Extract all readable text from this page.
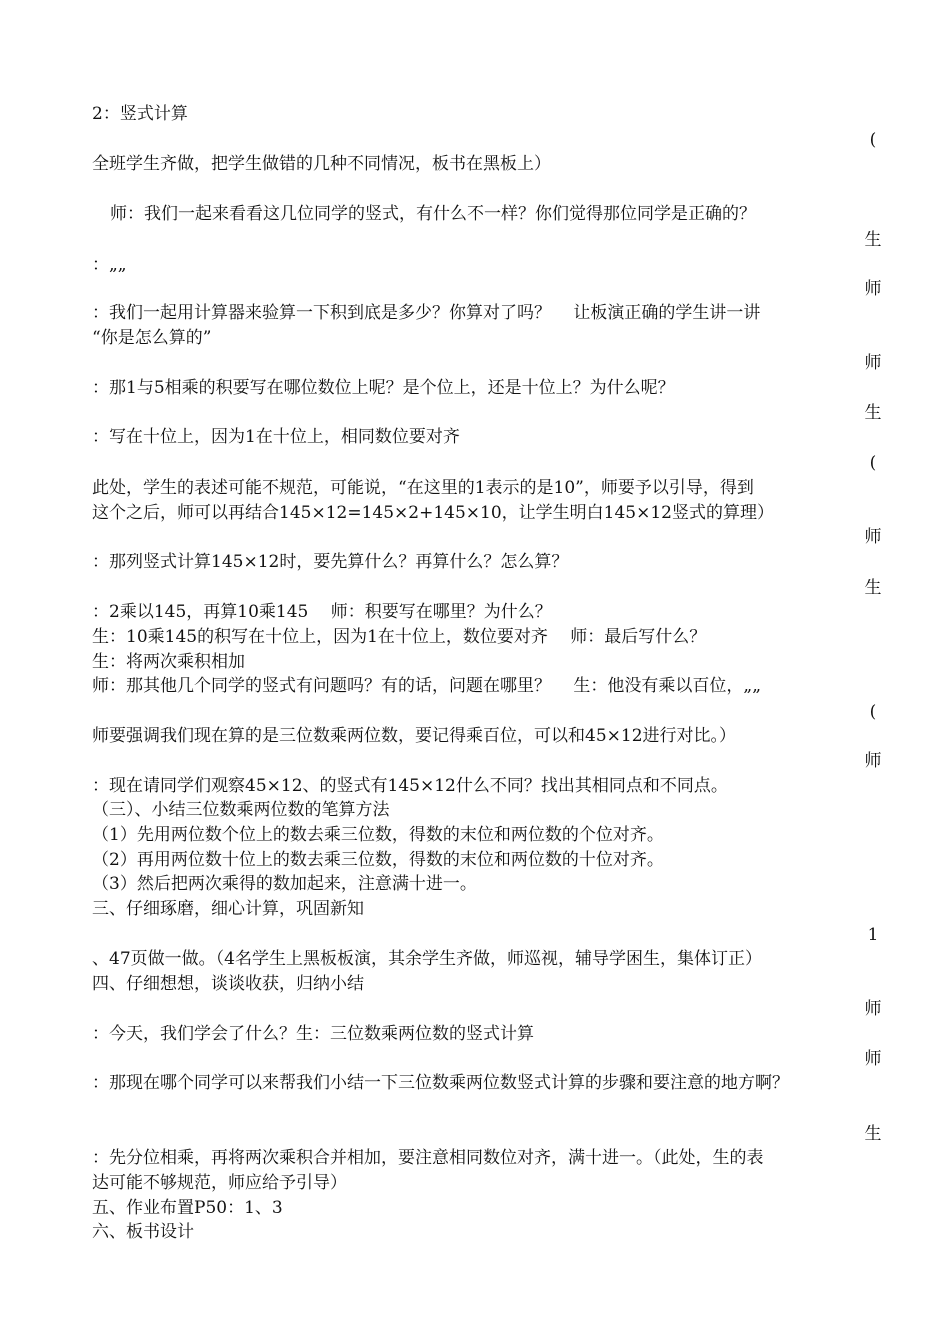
2：竖式计算
(
全班学生齐做，把学生做错的几种不同情况，板书在黑板上）
师：我们一起来看看这几位同学的竖式，有什么不一样？你们觉得那位同学是正确的？
生
：„„
师
：我们一起用计算器来验算一下积到底是多少？你算对了吗？　 让板演正确的学生讲一讲
“你是怎么算的”
师
：那1与5相乘的积要写在哪位数位上呢？是个位上，还是十位上？为什么呢？
生
：写在十位上，因为1在十位上，相同数位要对齐
(
此处，学生的表述可能不规范，可能说，“在这里的1表示的是10”，师要予以引导，得到
这个之后，师可以再结合145×12=145×2+145×10，让学生明白145×12竖式的算理）
师
：那列竖式计算145×12时，要先算什么？再算什么？怎么算？
生
：2乘以145，再算10乘145　 师：积要写在哪里？为什么？
生：10乘145的积写在十位上，因为1在十位上，数位要对齐　 师：最后写什么？
生：将两次乘积相加
师：那其他几个同学的竖式有问题吗？有的话，问题在哪里？　 生：他没有乘以百位，„„
(
师要强调我们现在算的是三位数乘两位数，要记得乘百位，可以和45×12进行对比。）
师
：现在请同学们观察45×12、的竖式有145×12什么不同？找出其相同点和不同点。
（三）、小结三位数乘两位数的笔算方法
（1）先用两位数个位上的数去乘三位数，得数的末位和两位数的个位对齐。
（2）再用两位数十位上的数去乘三位数，得数的末位和两位数的十位对齐。
（3）然后把两次乘得的数加起来，注意满十进一。
三、仔细琢磨，细心计算，巩固新知
1
、47页做一做。（4名学生上黑板板演，其余学生齐做，师巡视，辅导学困生，集体订正）
四、仔细想想，谈谈收获，归纳小结
师
：今天，我们学会了什么？生：三位数乘两位数的竖式计算
师
：那现在哪个同学可以来帮我们小结一下三位数乘两位数竖式计算的步骤和要注意的地方啊？
生
：先分位相乘，再将两次乘积合并相加，要注意相同数位对齐，满十进一。（此处，生的表
达可能不够规范，师应给予引导）
五、作业布置P50：1、3
六、板书设计
